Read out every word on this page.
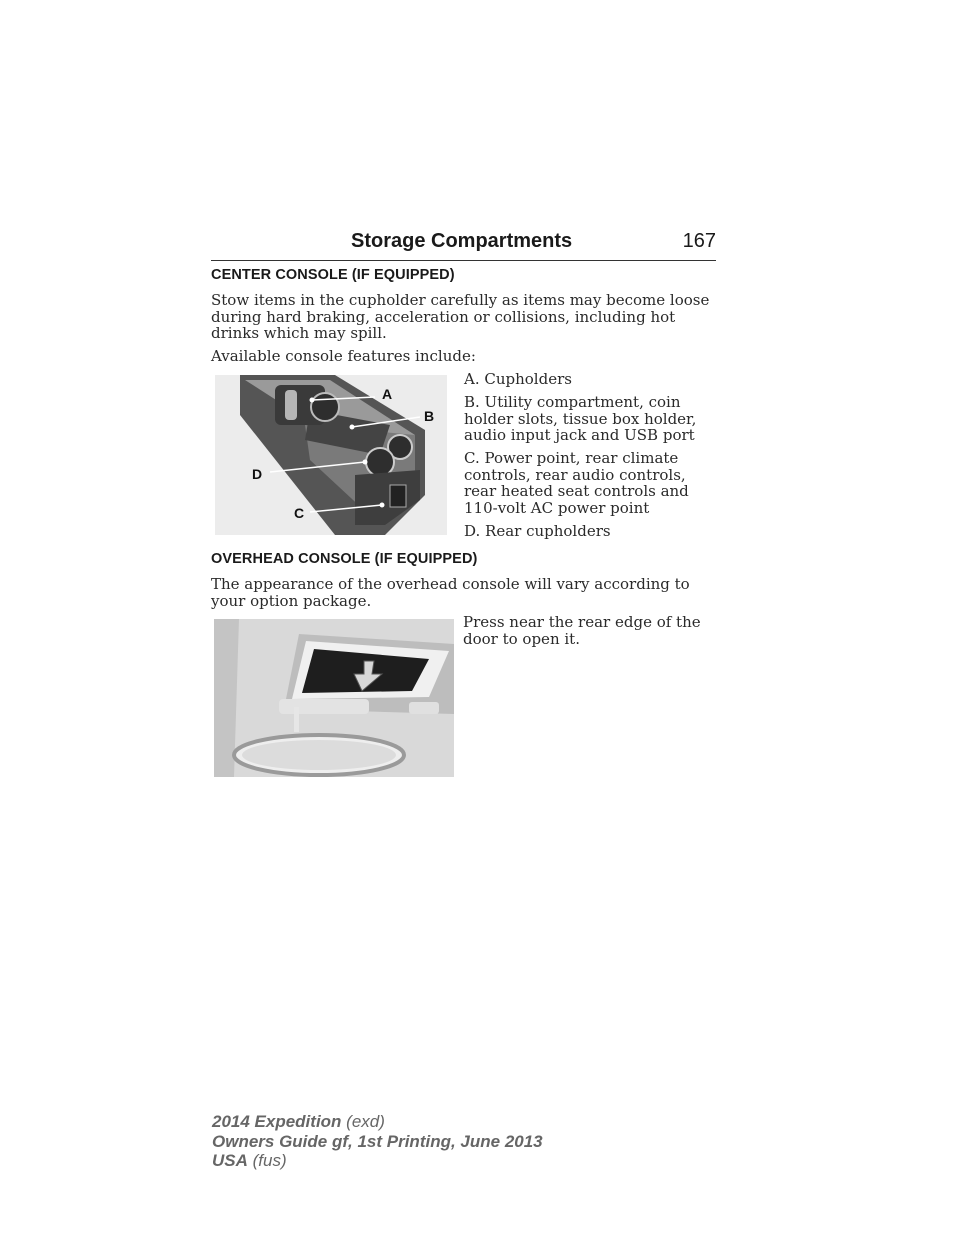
Storage Compartments	167
CENTER CONSOLE (IF EQUIPPED)

Stow items in the cupholder carefully as items may become loose during hard braking, acceleration or collisions, including hot drinks which may spill.

Available console features include:

A
B
D
C
A. Cupholders
B. Utility compartment, coin holder slots, tissue box holder, audio input jack and USB port
C. Power point, rear climate controls, rear audio controls, rear heated seat controls and 110-volt AC power point
D. Rear cupholders
OVERHEAD CONSOLE (IF EQUIPPED)

The appearance of the overhead console will vary according to your option package.

Press near the rear edge of the door to open it.

2014 Expedition (exd)
Owners Guide gf, 1st Printing, June 2013
USA (fus)
